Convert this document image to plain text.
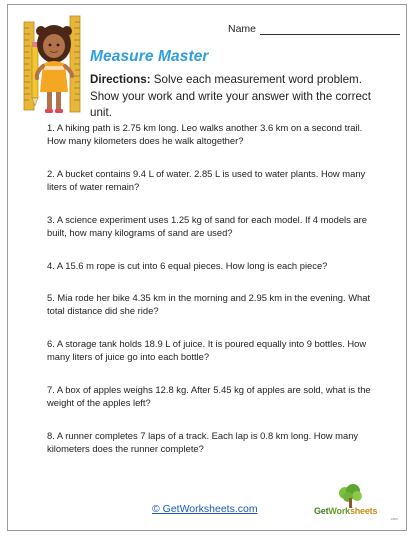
Name
Measure Master
Directions: Solve each measurement word problem. Show your work and write your answer with the correct unit.
1. A hiking path is 2.75 km long. Leo walks another 3.6 km on a second trail. How many kilometers does he walk altogether?
2. A bucket contains 9.4 L of water. 2.85 L is used to water plants. How many liters of water remain?
3. A science experiment uses 1.25 kg of sand for each model. If 4 models are built, how many kilograms of sand are used?
4. A 15.6 m rope is cut into 6 equal pieces. How long is each piece?
5. Mia rode her bike 4.35 km in the morning and 2.95 km in the evening. What total distance did she ride?
6. A storage tank holds 18.9 L of juice. It is poured equally into 9 bottles. How many liters of juice go into each bottle?
7. A box of apples weighs 12.8 kg. After 5.45 kg of apples are sold, what is the weight of the apples left?
8. A runner completes 7 laps of a track. Each lap is 0.8 km long. How many kilometers does the runner complete?
© GetWorksheets.com	GetWorksheets
.com
